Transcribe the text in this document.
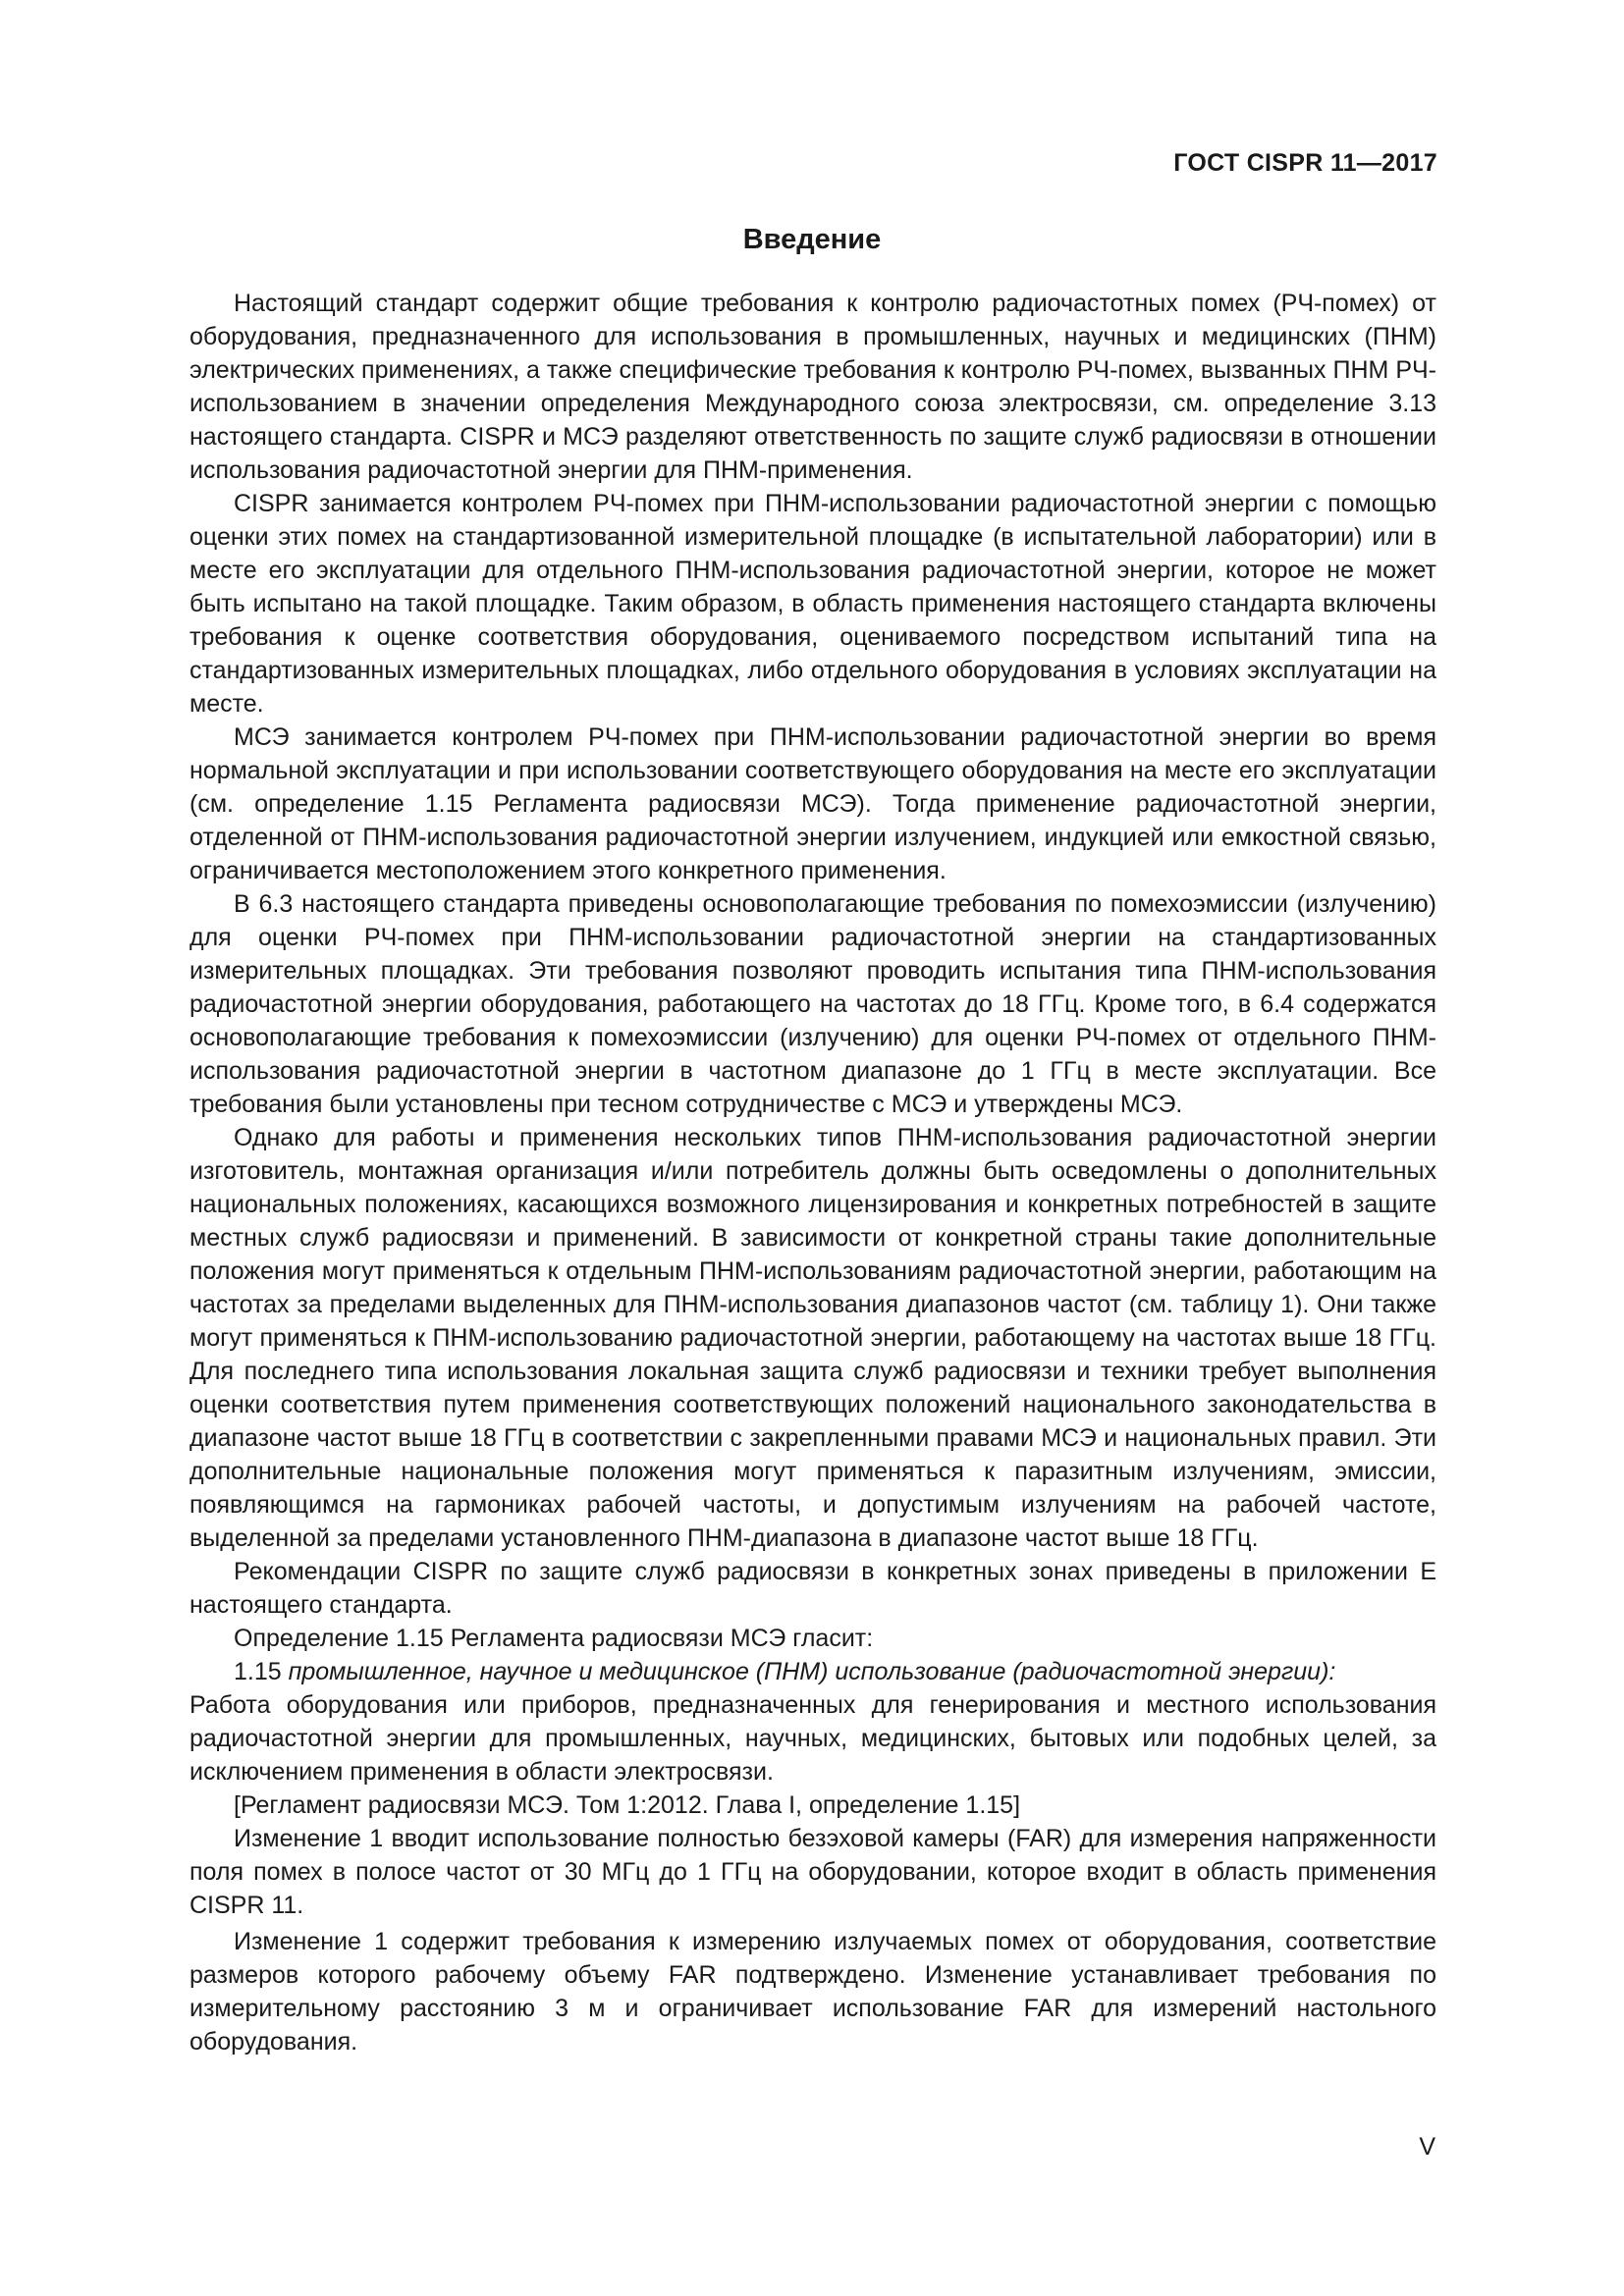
ГОСТ CISPR 11—2017
Введение

Настоящий стандарт содержит общие требования к контролю радиочастотных помех (РЧ-помех) от оборудования, предназначенного для использования в промышленных, научных и медицинских (ПНМ) электрических применениях, а также специфические требования к контролю РЧ-помех, вызванных ПНМ РЧ-использованием в значении определения Международного союза электросвязи, см. определение 3.13 настоящего стандарта. CISPR и МСЭ разделяют ответственность по защите служб радиосвязи в отношении использования радиочастотной энергии для ПНМ-применения.

CISPR занимается контролем РЧ-помех при ПНМ-использовании радиочастотной энергии с помощью оценки этих помех на стандартизованной измерительной площадке (в испытательной лаборатории) или в месте его эксплуатации для отдельного ПНМ-использования радиочастотной энергии, которое не может быть испытано на такой площадке. Таким образом, в область применения настоящего стандарта включены требования к оценке соответствия оборудования, оцениваемого посредством испытаний типа на стандартизованных измерительных площадках, либо отдельного оборудования в условиях эксплуатации на месте.

МСЭ занимается контролем РЧ-помех при ПНМ-использовании радиочастотной энергии во время нормальной эксплуатации и при использовании соответствующего оборудования на месте его эксплуатации (см. определение 1.15 Регламента радиосвязи МСЭ). Тогда применение радиочастотной энергии, отделенной от ПНМ-использования радиочастотной энергии излучением, индукцией или емкостной связью, ограничивается местоположением этого конкретного применения.

В 6.3 настоящего стандарта приведены основополагающие требования по помехоэмиссии (излучению) для оценки РЧ-помех при ПНМ-использовании радиочастотной энергии на стандартизованных измерительных площадках. Эти требования позволяют проводить испытания типа ПНМ-использования радиочастотной энергии оборудования, работающего на частотах до 18 ГГц. Кроме того, в 6.4 содержатся основополагающие требования к помехоэмиссии (излучению) для оценки РЧ-помех от отдельного ПНМ-использования радиочастотной энергии в частотном диапазоне до 1 ГГц в месте эксплуатации. Все требования были установлены при тесном сотрудничестве с МСЭ и утверждены МСЭ.

Однако для работы и применения нескольких типов ПНМ-использования радиочастотной энергии изготовитель, монтажная организация и/или потребитель должны быть осведомлены о дополнительных национальных положениях, касающихся возможного лицензирования и конкретных потребностей в защите местных служб радиосвязи и применений. В зависимости от конкретной страны такие дополнительные положения могут применяться к отдельным ПНМ-использованиям радиочастотной энергии, работающим на частотах за пределами выделенных для ПНМ-использования диапазонов частот (см. таблицу 1). Они также могут применяться к ПНМ-использованию радиочастотной энергии, работающему на частотах выше 18 ГГц. Для последнего типа использования локальная защита служб радиосвязи и техники требует выполнения оценки соответствия путем применения соответствующих положений национального законодательства в диапазоне частот выше 18 ГГц в соответствии с закрепленными правами МСЭ и национальных правил. Эти дополнительные национальные положения могут применяться к паразитным излучениям, эмиссии, появляющимся на гармониках рабочей частоты, и допустимым излучениям на рабочей частоте, выделенной за пределами установленного ПНМ-диапазона в диапазоне частот выше 18 ГГц.

Рекомендации CISPR по защите служб радиосвязи в конкретных зонах приведены в приложении Е настоящего стандарта.

Определение 1.15 Регламента радиосвязи МСЭ гласит:

1.15 промышленное, научное и медицинское (ПНМ) использование (радиочастотной энергии):

Работа оборудования или приборов, предназначенных для генерирования и местного использования радиочастотной энергии для промышленных, научных, медицинских, бытовых или подобных целей, за исключением применения в области электросвязи.

[Регламент радиосвязи МСЭ. Том 1:2012. Глава I, определение 1.15]

Изменение 1 вводит использование полностью безэховой камеры (FAR) для измерения напряженности поля помех в полосе частот от 30 МГц до 1 ГГц на оборудовании, которое входит в область применения CISPR 11.

Изменение 1 содержит требования к измерению излучаемых помех от оборудования, соответствие размеров которого рабочему объему FAR подтверждено. Изменение устанавливает требования по измерительному расстоянию 3 м и ограничивает использование FAR для измерений настольного оборудования.

V
